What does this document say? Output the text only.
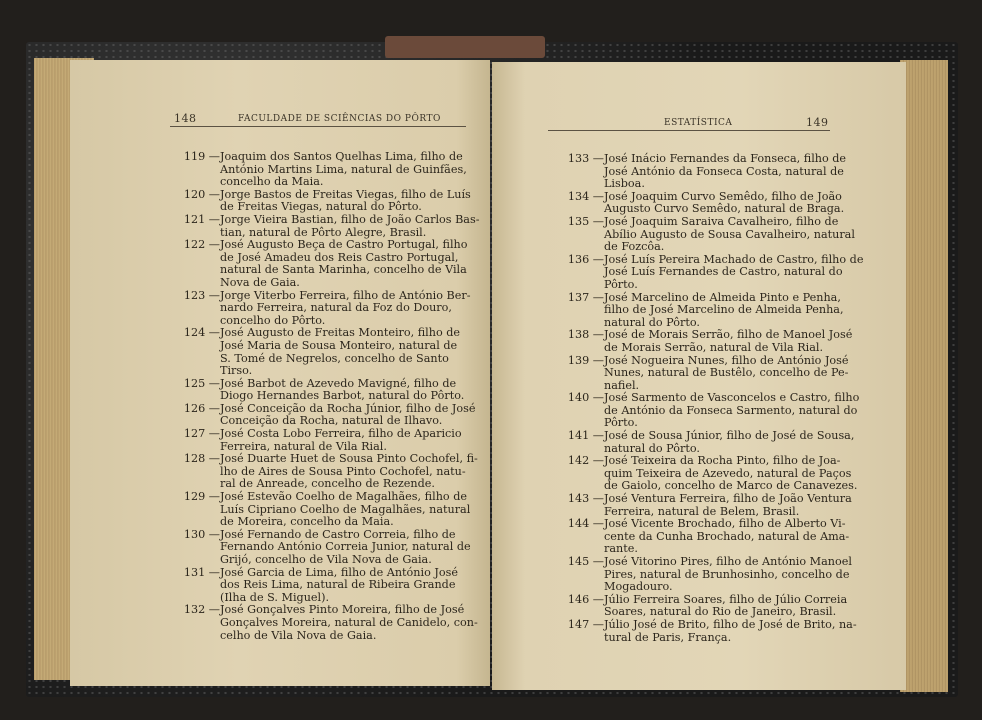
148	FACULDADE DE SCIÊNCIAS DO PÔRTO
119 — Joaquim dos Santos Quelhas Lima, filho de
António Martins Lima, natural de Guinfães,
concelho da Maia.
120 — Jorge Bastos de Freitas Viegas, filho de Luís
de Freitas Viegas, natural do Pôrto.
121 — Jorge Vieira Bastian, filho de João Carlos Bas-
tian, natural de Pôrto Alegre, Brasil.
122 — José Augusto Beça de Castro Portugal, filho
de José Amadeu dos Reis Castro Portugal,
natural de Santa Marinha, concelho de Vila
Nova de Gaia.
123 — Jorge Viterbo Ferreira, filho de António Ber-
nardo Ferreira, natural da Foz do Douro,
concelho do Pôrto.
124 — José Augusto de Freitas Monteiro, filho de
José Maria de Sousa Monteiro, natural de
S. Tomé de Negrelos, concelho de Santo
Tirso.
125 — José Barbot de Azevedo Mavigné, filho de
Diogo Hernandes Barbot, natural do Pôrto.
126 — José Conceição da Rocha Júnior, filho de José
Conceição da Rocha, natural de Ilhavo.
127 — José Costa Lobo Ferreira, filho de Aparicio
Ferreira, natural de Vila Rial.
128 — José Duarte Huet de Sousa Pinto Cochofel, fi-
lho de Aires de Sousa Pinto Cochofel, natu-
ral de Anreade, concelho de Rezende.
129 — José Estevão Coelho de Magalhães, filho de
Luís Cipriano Coelho de Magalhães, natural
de Moreira, concelho da Maia.
130 — José Fernando de Castro Correia, filho de
Fernando António Correia Junior, natural de
Grijó, concelho de Vila Nova de Gaia.
131 — José Garcia de Lima, filho de António José
dos Reis Lima, natural de Ribeira Grande
(Ilha de S. Miguel).
132 — José Gonçalves Pinto Moreira, filho de José
Gonçalves Moreira, natural de Canidelo, con-
celho de Vila Nova de Gaia.
ESTATÍSTICA	149
133 — José Inácio Fernandes da Fonseca, filho de
José António da Fonseca Costa, natural de
Lisboa.
134 — José Joaquim Curvo Semêdo, filho de João
Augusto Curvo Semêdo, natural de Braga.
135 — José Joaquim Saraiva Cavalheiro, filho de
Abílio Augusto de Sousa Cavalheiro, natural
de Fozcôa.
136 — José Luís Pereira Machado de Castro, filho de
José Luís Fernandes de Castro, natural do
Pôrto.
137 — José Marcelino de Almeida Pinto e Penha,
filho de José Marcelino de Almeida Penha,
natural do Pôrto.
138 — José de Morais Serrão, filho de Manoel José
de Morais Serrão, natural de Vila Rial.
139 — José Nogueira Nunes, filho de António José
Nunes, natural de Bustêlo, concelho de Pe-
nafiel.
140 — José Sarmento de Vasconcelos e Castro, filho
de António da Fonseca Sarmento, natural do
Pôrto.
141 — José de Sousa Júnior, filho de José de Sousa,
natural do Pôrto.
142 — José Teixeira da Rocha Pinto, filho de Joa-
quim Teixeira de Azevedo, natural de Paços
de Gaiolo, concelho de Marco de Canavezes.
143 — José Ventura Ferreira, filho de João Ventura
Ferreira, natural de Belem, Brasil.
144 — José Vicente Brochado, filho de Alberto Vi-
cente da Cunha Brochado, natural de Ama-
rante.
145 — José Vitorino Pires, filho de António Manoel
Pires, natural de Brunhosinho, concelho de
Mogadouro.
146 — Júlio Ferreira Soares, filho de Júlio Correia
Soares, natural do Rio de Janeiro, Brasil.
147 — Júlio José de Brito, filho de José de Brito, na-
tural de Paris, França.
